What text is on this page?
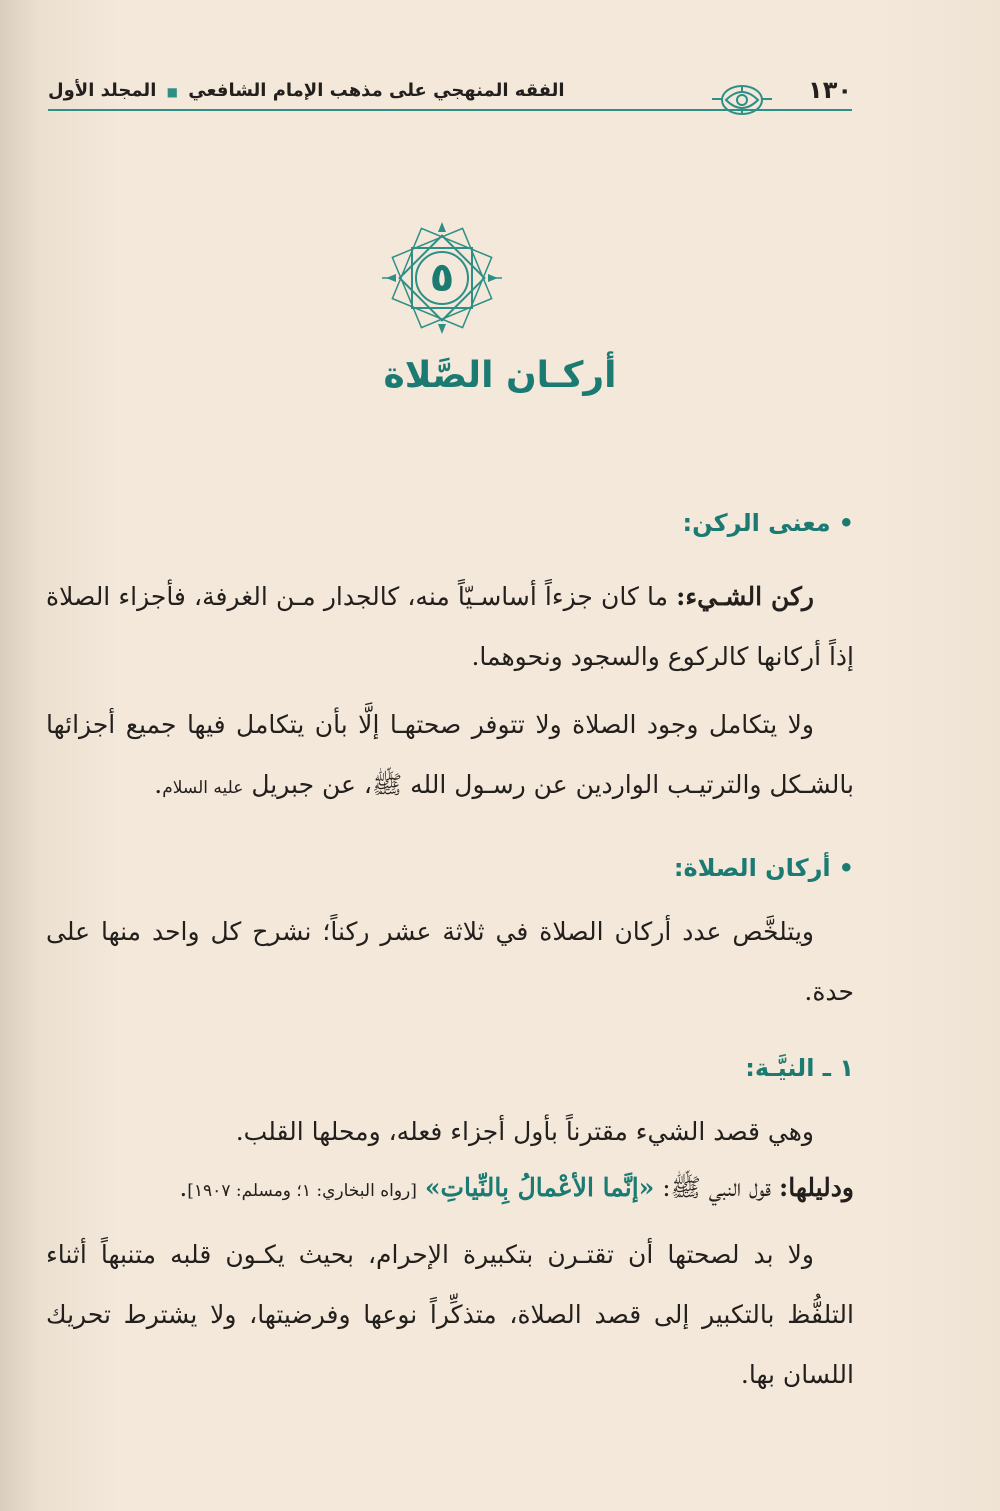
١٣٠
الفقه المنهجي على مذهب الإمام الشافعي ■ المجلد الأول
٥
أركـان الصَّلاة

•معنى الركن:

ركن الشـيء: ما كان جزءاً أساسـيّاً منه، كالجدار مـن الغرفة، فأجزاء الصلاة إذاً أركانها كالركوع والسجود ونحوهما.

ولا يتكامل وجود الصلاة ولا تتوفر صحتهـا إلَّا بأن يتكامل فيها جميع أجزائها بالشـكل والترتيـب الواردين عن رسـول الله ﷺ، عن جبريل عليه السلام.

•أركان الصلاة:

ويتلخَّص عدد أركان الصلاة في ثلاثة عشر ركناً؛ نشرح كل واحد منها على حدة.

١ ـ النيَّـة:

وهي قصد الشيء مقترناً بأول أجزاء فعله، ومحلها القلب.

ودليلها: قول النبي ﷺ: «إنَّما الأعْمالُ بِالنِّياتِ» [رواه البخاري: ١؛ ومسلم: ١٩٠٧].

ولا بد لصحتها أن تقتـرن بتكبيرة الإحرام، بحيث يكـون قلبه متنبهاً أثناء التلفُّظ بالتكبير إلى قصد الصلاة، متذكِّراً نوعها وفرضيتها، ولا يشترط تحريك اللسان بها.
